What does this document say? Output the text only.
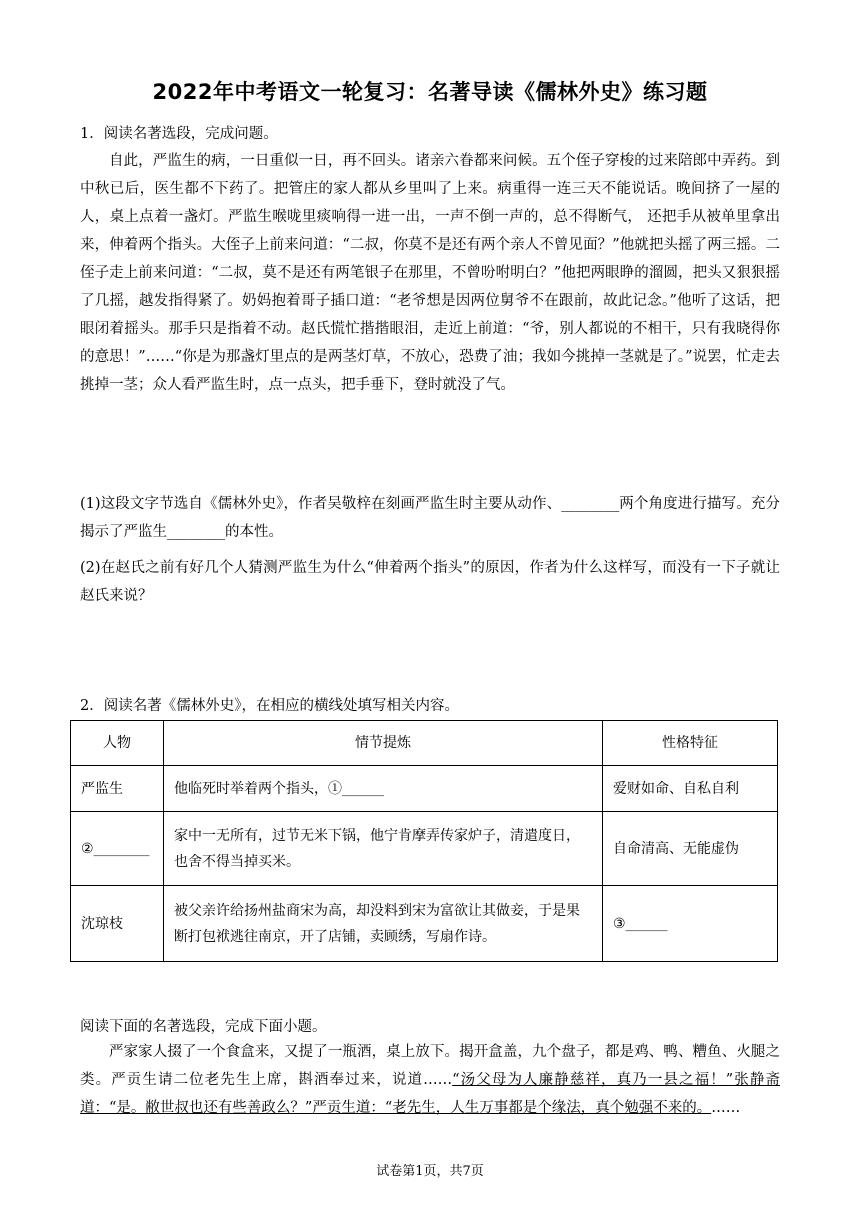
2022年中考语文一轮复习：名著导读《儒林外史》练习题
1．阅读名著选段，完成问题。

自此，严监生的病，一日重似一日，再不回头。诸亲六眷都来问候。五个侄子穿梭的过来陪郎中弄药。到中秋已后，医生都不下药了。把管庄的家人都从乡里叫了上来。病重得一连三天不能说话。晚间挤了一屋的人，桌上点着一盏灯。严监生喉咙里痰响得一进一出，一声不倒一声的，总不得断气， 还把手从被单里拿出来，伸着两个指头。大侄子上前来问道：“二叔，你莫不是还有两个亲人不曾见面？”他就把头摇了两三摇。二侄子走上前来问道：“二叔，莫不是还有两笔银子在那里，不曾吩咐明白？”他把两眼睁的溜圆，把头又狠狠摇了几摇，越发指得紧了。奶妈抱着哥子插口道：“老爷想是因两位舅爷不在跟前，故此记念。”他听了这话，把眼闭着摇头。那手只是指着不动。赵氏慌忙揩揩眼泪，走近上前道：“爷，别人都说的不相干，只有我晓得你的意思！”……“你是为那盏灯里点的是两茎灯草，不放心，恐费了油；我如今挑掉一茎就是了。”说罢，忙走去挑掉一茎；众人看严监生时，点一点头，把手垂下，登时就没了气。

(1)这段文字节选自《儒林外史》，作者吴敬梓在刻画严监生时主要从动作、________两个角度进行描写。充分揭示了严监生________的本性。

(2)在赵氏之前有好几个人猜测严监生为什么“伸着两个指头”的原因，作者为什么这样写，而没有一下子就让赵氏来说？

2．阅读名著《儒林外史》，在相应的横线处填写相关内容。
人物	情节提炼	性格特征
严监生	他临死时举着两个指头，①______	爱财如命、自私自利
②________	家中一无所有，过节无米下锅，他宁肯摩弄传家炉子，清遣度日，也舍不得当掉买米。	自命清高、无能虚伪
沈琼枝	被父亲许给扬州盐商宋为高，却没料到宋为富欲让其做妾，于是果断打包袱逃往南京，开了店铺，卖顾绣，写扇作诗。	③______
阅读下面的名著选段，完成下面小题。

严家家人掇了一个食盒来，又提了一瓶酒，桌上放下。揭开盒盖，九个盘子，都是鸡、鸭、糟鱼、火腿之类。严贡生请二位老先生上席，斟酒奉过来，说道……“汤父母为人廉静慈祥，真乃一县之福！”张静斋道：“是。敝世叔也还有些善政么？”严贡生道：“老先生，人生万事都是个缘法，真个勉强不来的。……

试卷第1页，共7页
